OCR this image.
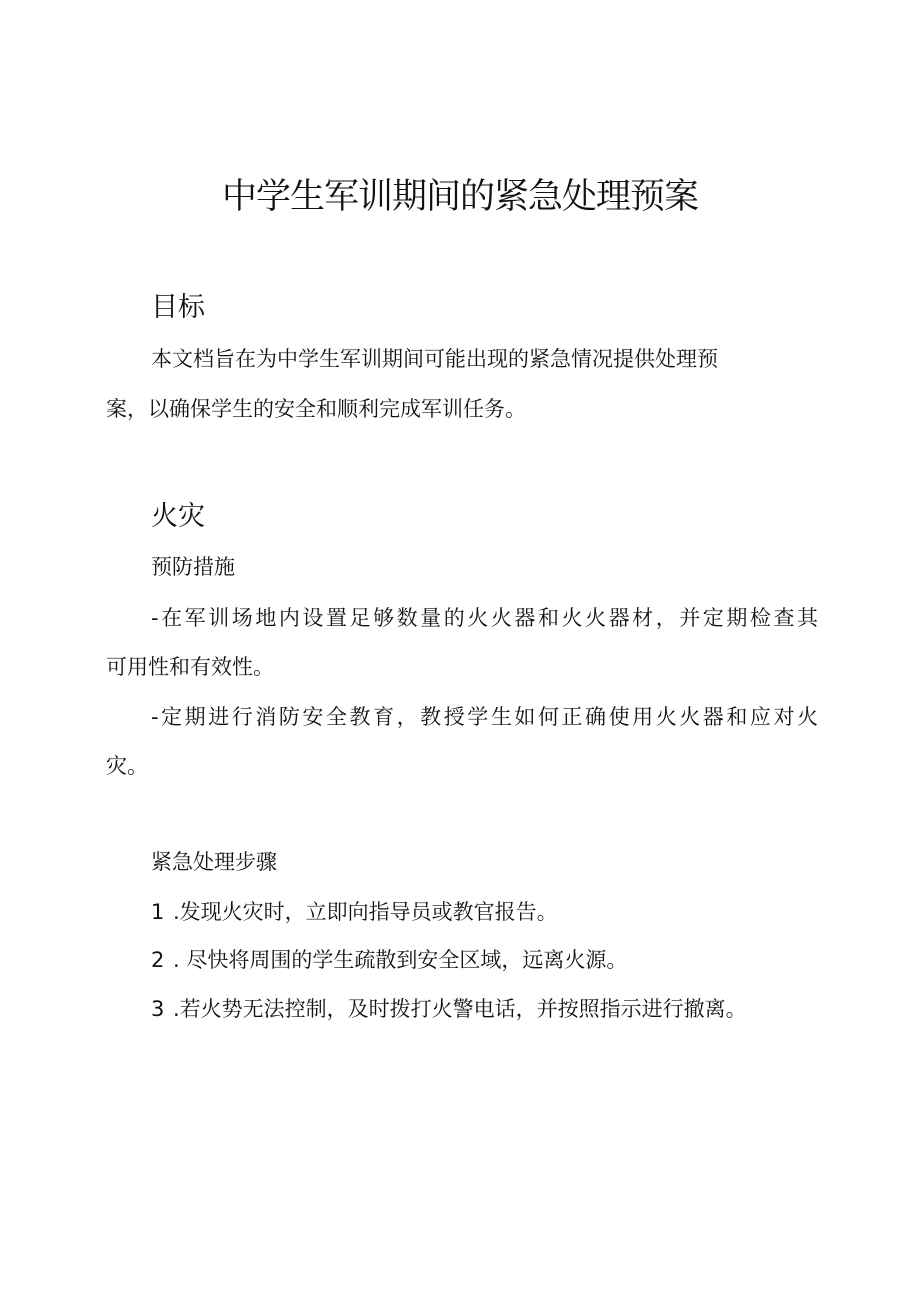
中学生军训期间的紧急处理预案
目标
本文档旨在为中学生军训期间可能出现的紧急情况提供处理预
案，以确保学生的安全和顺利完成军训任务。
火灾
预防措施
-在军训场地内设置足够数量的火火器和火火器材，并定期检查其
可用性和有效性。
-定期进行消防安全教育，教授学生如何正确使用火火器和应对火
灾。
紧急处理步骤
1 .发现火灾时，立即向指导员或教官报告。
2 . 尽快将周围的学生疏散到安全区域，远离火源。
3 .若火势无法控制，及时拨打火警电话，并按照指示进行撤离。
